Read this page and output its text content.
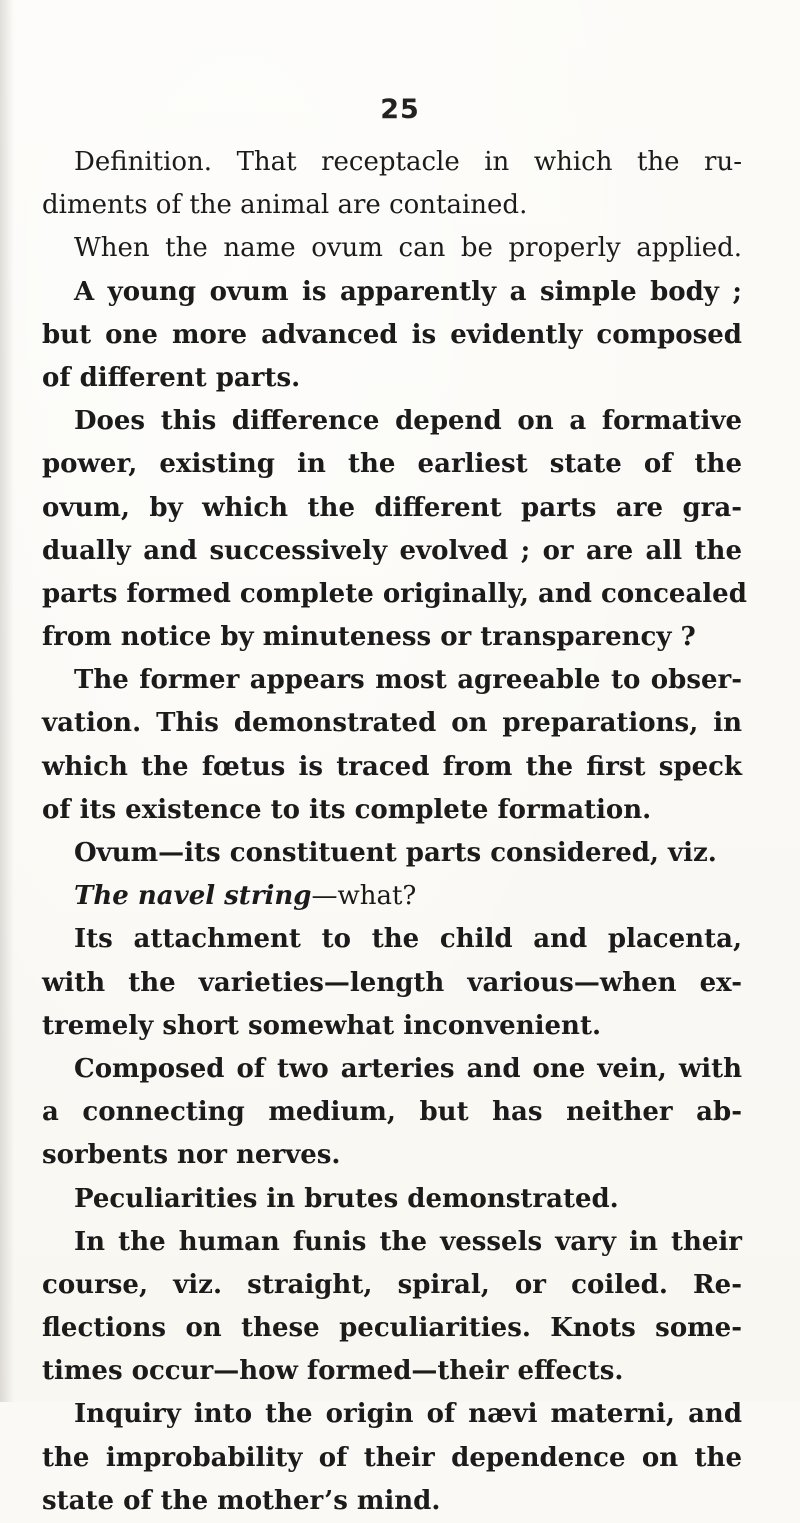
25
Definition. That receptacle in which the ru-
diments of the animal are contained.
When the name ovum can be properly applied.
A young ovum is apparently a simple body ;
but one more advanced is evidently composed
of different parts.
Does this difference depend on a formative
power, existing in the earliest state of the
ovum, by which the different parts are gra-
dually and successively evolved ; or are all the
parts formed complete originally, and concealed
from notice by minuteness or transparency ?
The former appears most agreeable to obser-
vation. This demonstrated on preparations, in
which the fœtus is traced from the first speck
of its existence to its complete formation.
Ovum—its constituent parts considered, viz.
The navel string—what?
Its attachment to the child and placenta,
with the varieties—length various—when ex-
tremely short somewhat inconvenient.
Composed of two arteries and one vein, with
a connecting medium, but has neither ab-
sorbents nor nerves.
Peculiarities in brutes demonstrated.
In the human funis the vessels vary in their
course, viz. straight, spiral, or coiled. Re-
flections on these peculiarities. Knots some-
times occur—how formed—their effects.
Inquiry into the origin of nævi materni, and
the improbability of their dependence on the
state of the mother’s mind.
